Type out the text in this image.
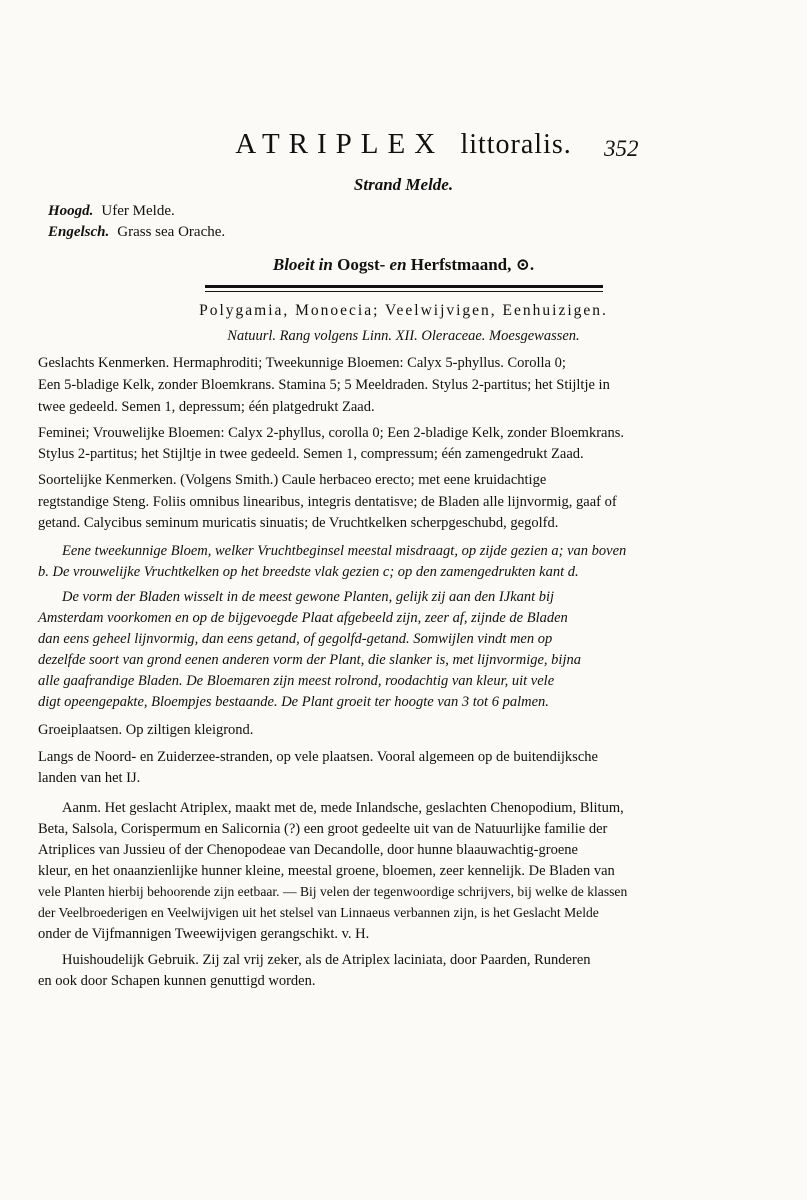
ATRIPLEX littoralis.	352
Strand Melde.
Hoogd. Ufer Melde.
Engelsch. Grass sea Orache.
Bloeit in Oogst- en Herfstmaand, ⊙.
Polygamia, Monoecia; Veelwijvigen, Eenhuizigen.
Natuurl. Rang volgens Linn. XII. Oleraceae. Moesgewassen.
Geslachts Kenmerken. Hermaphroditi; Tweekunnige Bloemen: Calyx 5-phyllus. Corolla 0;
Een 5-bladige Kelk, zonder Bloemkrans. Stamina 5; 5 Meeldraden. Stylus 2-partitus; het Stijltje in
twee gedeeld. Semen 1, depressum; één platgedrukt Zaad.
Feminei; Vrouwelijke Bloemen: Calyx 2-phyllus, corolla 0; Een 2-bladige Kelk, zonder Bloemkrans.
Stylus 2-partitus; het Stijltje in twee gedeeld. Semen 1, compressum; één zamengedrukt Zaad.
Soortelijke Kenmerken. (Volgens Smith.) Caule herbaceo erecto; met eene kruidachtige
regtstandige Steng. Foliis omnibus linearibus, integris dentatisve; de Bladen alle lijnvormig, gaaf of
getand. Calycibus seminum muricatis sinuatis; de Vruchtkelken scherpgeschubd, gegolfd.
Eene tweekunnige Bloem, welker Vruchtbeginsel meestal misdraagt, op zijde gezien a; van boven
b. De vrouwelijke Vruchtkelken op het breedste vlak gezien c; op den zamengedrukten kant d.
De vorm der Bladen wisselt in de meest gewone Planten, gelijk zij aan den IJkant bij
Amsterdam voorkomen en op de bijgevoegde Plaat afgebeeld zijn, zeer af, zijnde de Bladen
dan eens geheel lijnvormig, dan eens getand, of gegolfd-getand. Somwijlen vindt men op
dezelfde soort van grond eenen anderen vorm der Plant, die slanker is, met lijnvormige, bijna
alle gaafrandige Bladen. De Bloemaren zijn meest rolrond, roodachtig van kleur, uit vele
digt opeengepakte, Bloempjes bestaande. De Plant groeit ter hoogte van 3 tot 6 palmen.
Groeiplaatsen. Op ziltigen kleigrond.
Langs de Noord- en Zuiderzee-stranden, op vele plaatsen. Vooral algemeen op de buitendijksche
landen van het IJ.
Aanm. Het geslacht Atriplex, maakt met de, mede Inlandsche, geslachten Chenopodium, Blitum,
Beta, Salsola, Corispermum en Salicornia (?) een groot gedeelte uit van de Natuurlijke familie der
Atriplices van Jussieu of der Chenopodeae van Decandolle, door hunne blaauwachtig-groene
kleur, en het onaanzienlijke hunner kleine, meestal groene, bloemen, zeer kennelijk. De Bladen van
vele Planten hierbij behoorende zijn eetbaar. — Bij velen der tegenwoordige schrijvers, bij welke de klassen
der Veelbroederigen en Veelwijvigen uit het stelsel van Linnaeus verbannen zijn, is het Geslacht Melde
onder de Vijfmannigen Tweewijvigen gerangschikt. v. H.
Huishoudelijk Gebruik. Zij zal vrij zeker, als de Atriplex laciniata, door Paarden, Runderen
en ook door Schapen kunnen genuttigd worden.
